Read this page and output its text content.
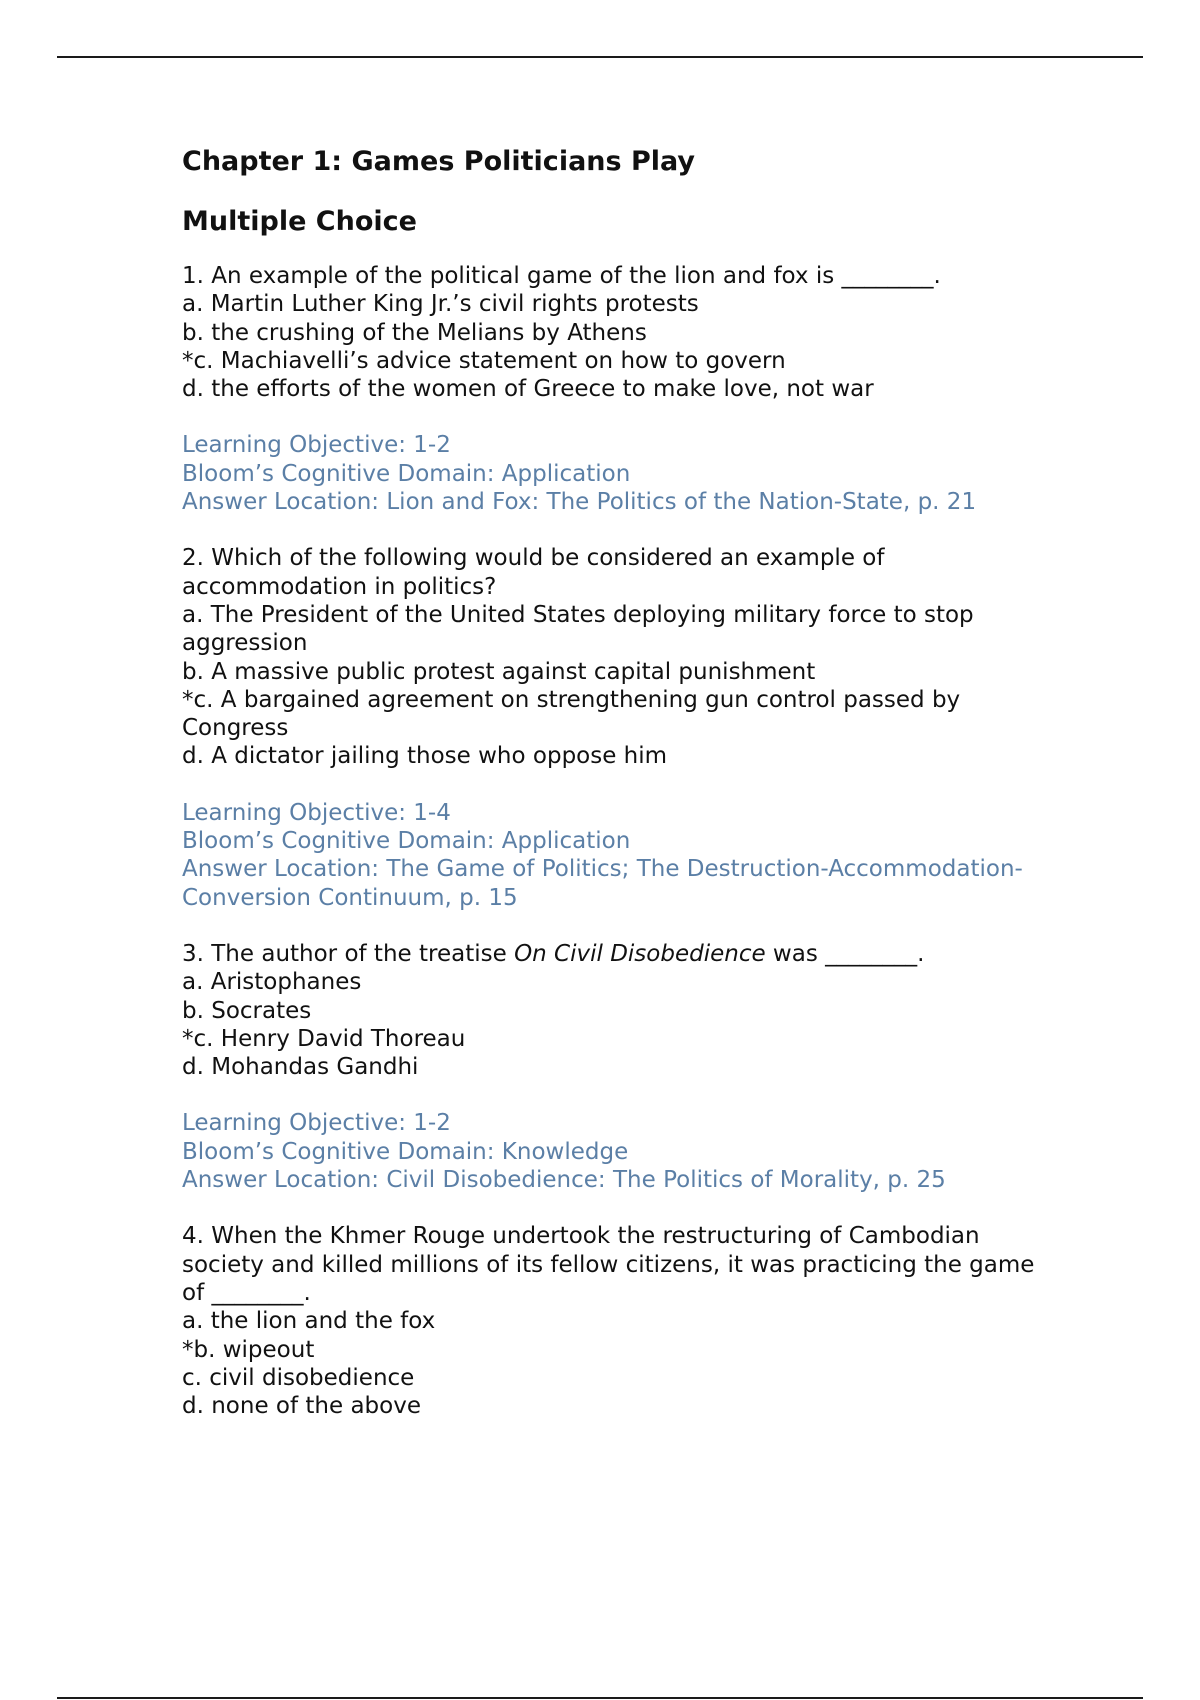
Chapter 1: Games Politicians Play
Multiple Choice

1. An example of the political game of the lion and fox is ________.

a. Martin Luther King Jr.’s civil rights protests

b. the crushing of the Melians by Athens

*c. Machiavelli’s advice statement on how to govern

d. the efforts of the women of Greece to make love, not war

Learning Objective: 1-2

Bloom’s Cognitive Domain: Application

Answer Location: Lion and Fox: The Politics of the Nation-State, p. 21

2. Which of the following would be considered an example of accommodation in politics?

a. The President of the United States deploying military force to stop aggression

b. A massive public protest against capital punishment

*c. A bargained agreement on strengthening gun control passed by Congress

d. A dictator jailing those who oppose him

Learning Objective: 1-4

Bloom’s Cognitive Domain: Application

Answer Location: The Game of Politics; The Destruction-Accommodation-Conversion Continuum, p. 15

3. The author of the treatise On Civil Disobedience was ________.

a. Aristophanes

b. Socrates

*c. Henry David Thoreau

d. Mohandas Gandhi

Learning Objective: 1-2

Bloom’s Cognitive Domain: Knowledge

Answer Location: Civil Disobedience: The Politics of Morality, p. 25

4. When the Khmer Rouge undertook the restructuring of Cambodian society and killed millions of its fellow citizens, it was practicing the game of ________.

a. the lion and the fox

*b. wipeout

c. civil disobedience

d. none of the above
